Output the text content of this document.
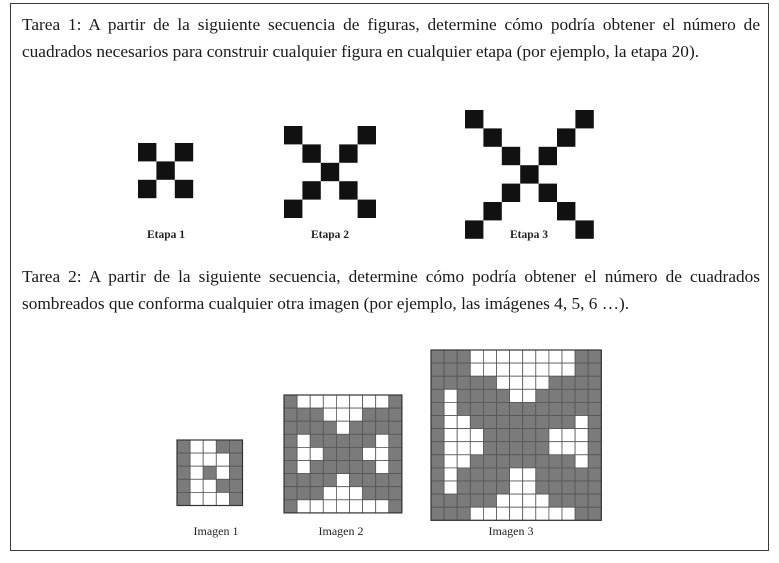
Tarea 1: A partir de la siguiente secuencia de figuras, determine cómo podría obtener el número de cuadrados necesarios para construir cualquier figura en cualquier etapa (por ejemplo, la etapa 20).

Etapa 1	Etapa 2	Etapa 3

Tarea 2: A partir de la siguiente secuencia, determine cómo podría obtener el número de cuadrados sombreados que conforma cualquier otra imagen (por ejemplo, las imágenes 4, 5, 6 …).

Imagen 1	Imagen 2	Imagen 3
